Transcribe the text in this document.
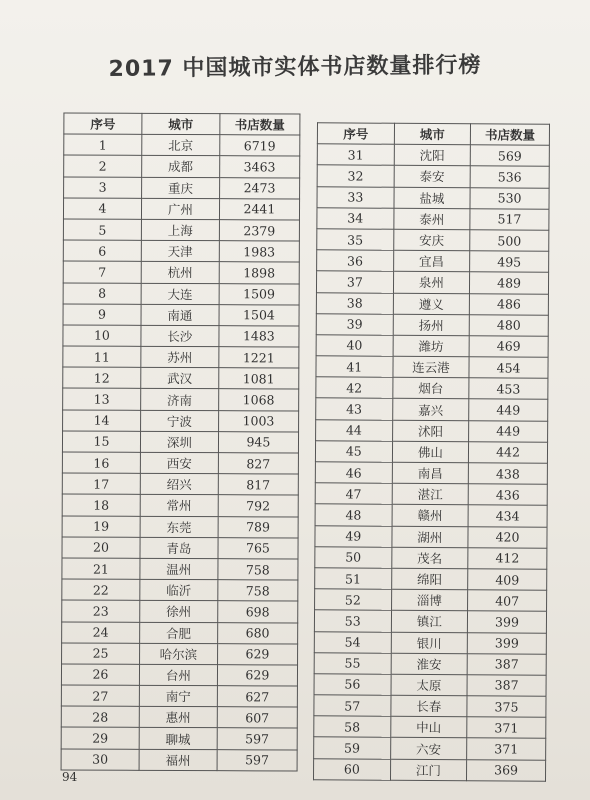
2017 中国城市实体书店数量排行榜
序号	城市	书店数量
1	北京	6719
2	成都	3463
3	重庆	2473
4	广州	2441
5	上海	2379
6	天津	1983
7	杭州	1898
8	大连	1509
9	南通	1504
10	长沙	1483
11	苏州	1221
12	武汉	1081
13	济南	1068
14	宁波	1003
15	深圳	945
16	西安	827
17	绍兴	817
18	常州	792
19	东莞	789
20	青岛	765
21	温州	758
22	临沂	758
23	徐州	698
24	合肥	680
25	哈尔滨	629
26	台州	629
27	南宁	627
28	惠州	607
29	聊城	597
30	福州	597
序号	城市	书店数量
31	沈阳	569
32	泰安	536
33	盐城	530
34	泰州	517
35	安庆	500
36	宜昌	495
37	泉州	489
38	遵义	486
39	扬州	480
40	潍坊	469
41	连云港	454
42	烟台	453
43	嘉兴	449
44	沭阳	449
45	佛山	442
46	南昌	438
47	湛江	436
48	赣州	434
49	湖州	420
50	茂名	412
51	绵阳	409
52	淄博	407
53	镇江	399
54	银川	399
55	淮安	387
56	太原	387
57	长春	375
58	中山	371
59	六安	371
60	江门	369
94
